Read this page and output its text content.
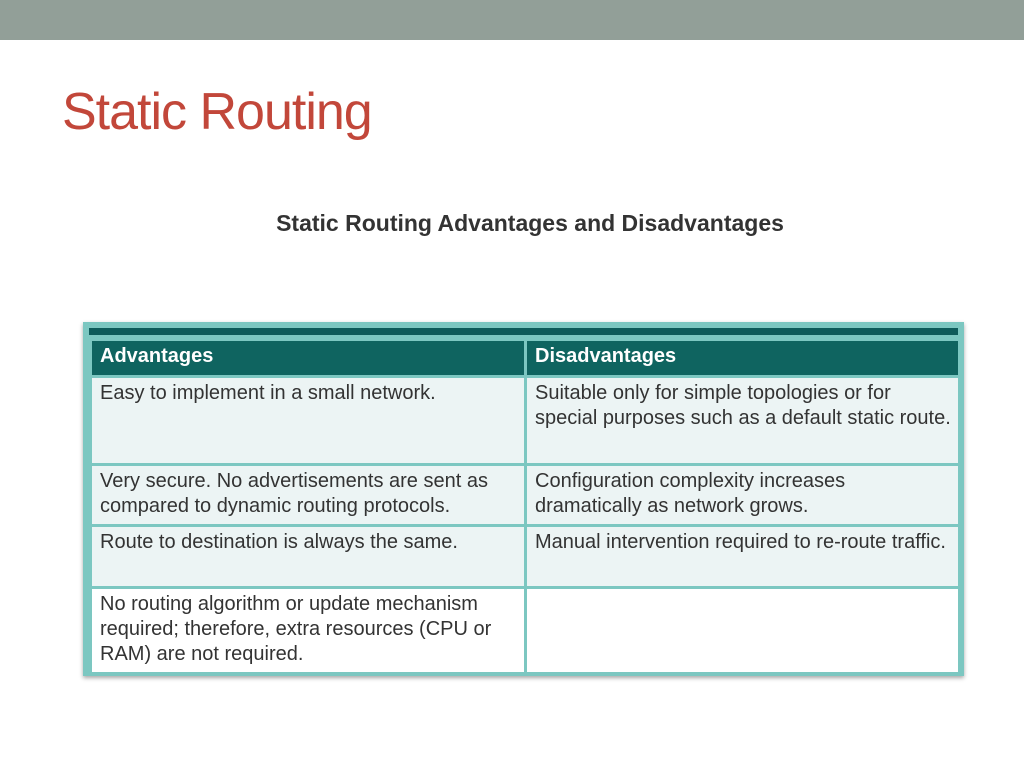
Static Routing
Static Routing Advantages and Disadvantages
Advantages	Disadvantages
Easy to implement in a small network.	Suitable only for simple topologies or for special purposes such as a default static route.
Very secure. No advertisements are sent as compared to dynamic routing protocols.	Configuration complexity increases dramatically as network grows.
Route to destination is always the same.	Manual intervention required to re-route traffic.
No routing algorithm or update mechanism required; therefore, extra resources (CPU or RAM) are not required.	
